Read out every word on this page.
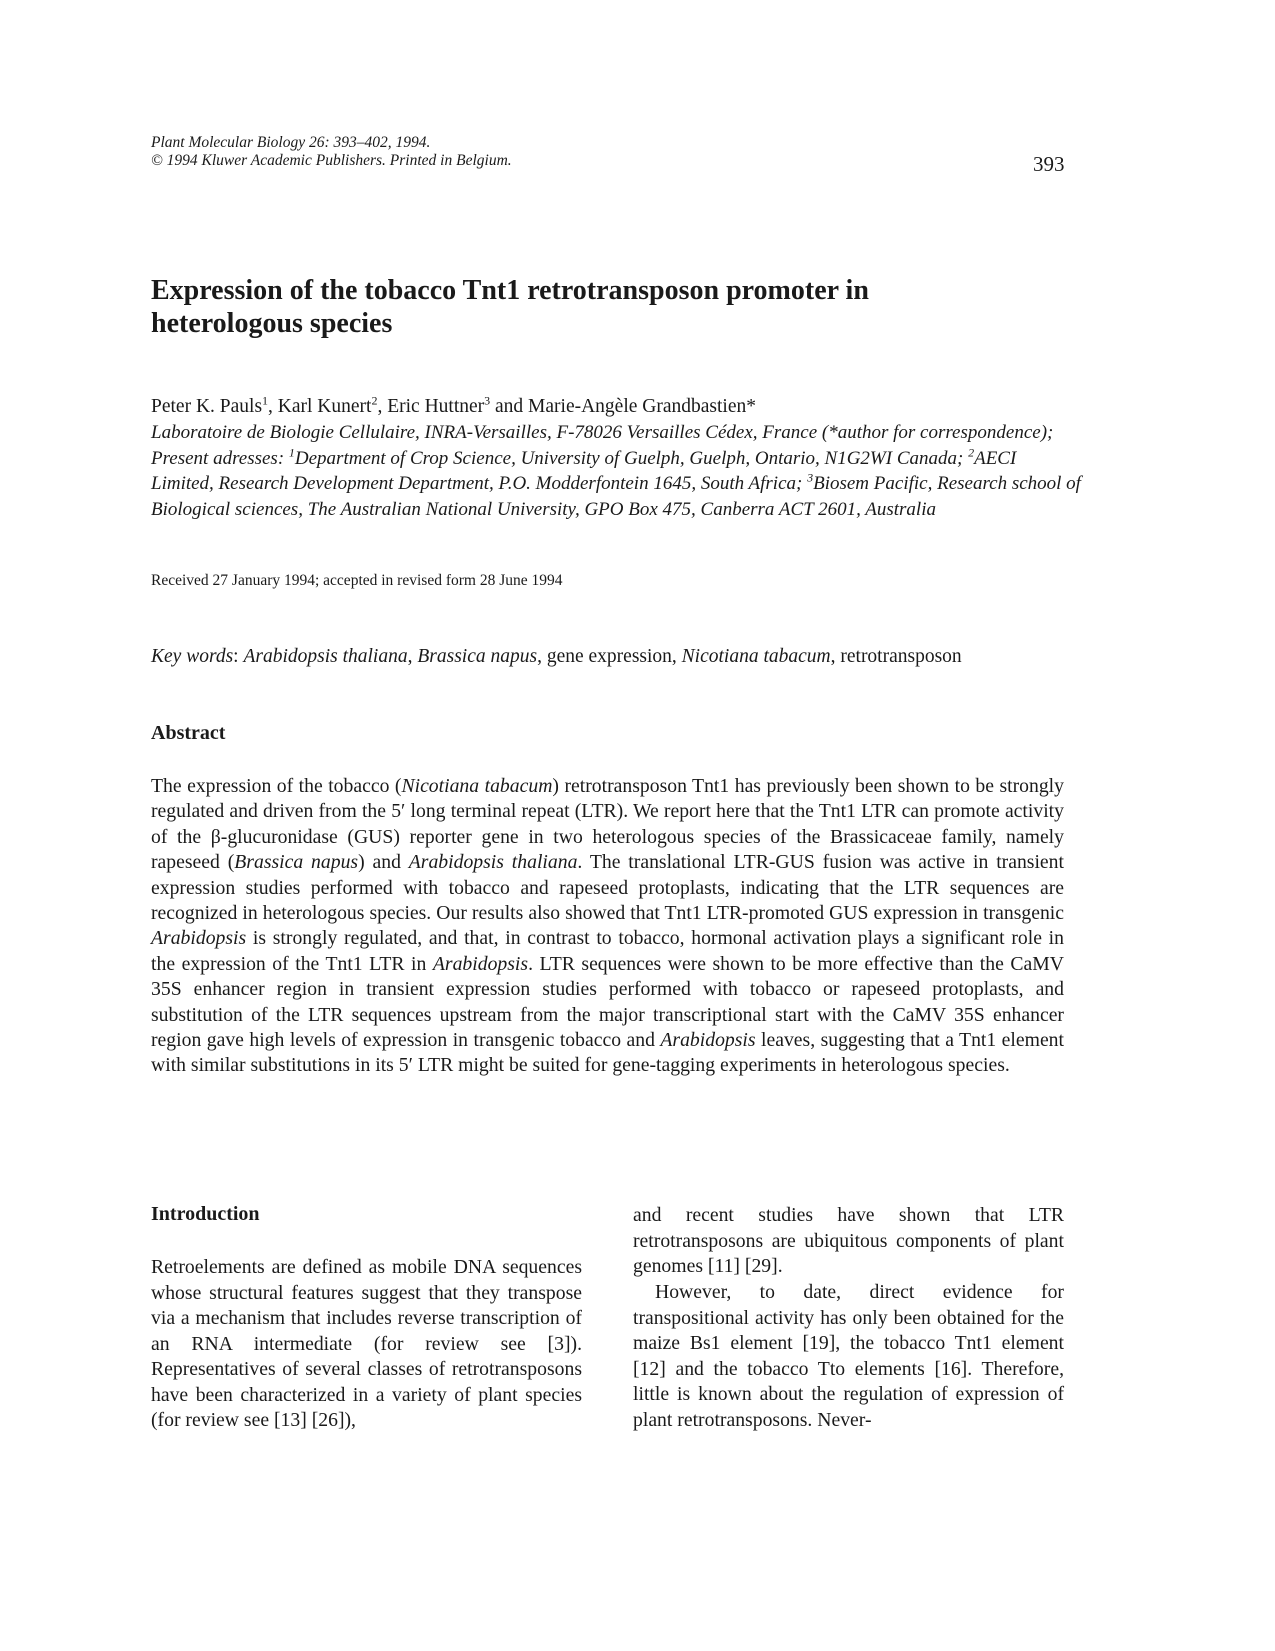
Plant Molecular Biology 26: 393–402, 1994.
© 1994 Kluwer Academic Publishers. Printed in Belgium.	393
Expression of the tobacco Tnt1 retrotransposon promoter in heterologous species
Peter K. Pauls$^1$, Karl Kunert$^2$, Eric Huttner$^3$ and Marie-Angèle Grandbastien*
Laboratoire de Biologie Cellulaire, INRA-Versailles, F-78026 Versailles Cédex, France (*author for correspondence); Present adresses: $^1$Department of Crop Science, University of Guelph, Guelph, Ontario, N1G2WI Canada; $^2$AECI Limited, Research Development Department, P.O. Modderfontein 1645, South Africa; $^3$Biosem Pacific, Research school of Biological sciences, The Australian National University, GPO Box 475, Canberra ACT 2601, Australia
Received 27 January 1994; accepted in revised form 28 June 1994
Key words: Arabidopsis thaliana, Brassica napus, gene expression, Nicotiana tabacum, retrotransposon
Abstract

The expression of the tobacco (Nicotiana tabacum) retrotransposon Tnt1 has previously been shown to be strongly regulated and driven from the 5′ long terminal repeat (LTR). We report here that the Tnt1 LTR can promote activity of the β-glucuronidase (GUS) reporter gene in two heterologous species of the Brassicaceae family, namely rapeseed (Brassica napus) and Arabidopsis thaliana. The translational LTR-GUS fusion was active in transient expression studies performed with tobacco and rapeseed protoplasts, indicating that the LTR sequences are recognized in heterologous species. Our results also showed that Tnt1 LTR-promoted GUS expression in transgenic Arabidopsis is strongly regulated, and that, in contrast to tobacco, hormonal activation plays a significant role in the expression of the Tnt1 LTR in Arabidopsis. LTR sequences were shown to be more effective than the CaMV 35S enhancer region in transient expression studies performed with tobacco or rapeseed protoplasts, and substitution of the LTR sequences upstream from the major transcriptional start with the CaMV 35S enhancer region gave high levels of expression in transgenic tobacco and Arabidopsis leaves, suggesting that a Tnt1 element with similar substitutions in its 5′ LTR might be suited for gene-tagging experiments in heterologous species.

Introduction

Retroelements are defined as mobile DNA sequences whose structural features suggest that they transpose via a mechanism that includes reverse transcription of an RNA intermediate (for review see [3]). Representatives of several classes of retrotransposons have been characterized in a variety of plant species (for review see [13] [26]),

and recent studies have shown that LTR retrotransposons are ubiquitous components of plant genomes [11] [29].

However, to date, direct evidence for transpositional activity has only been obtained for the maize Bs1 element [19], the tobacco Tnt1 element [12] and the tobacco Tto elements [16]. Therefore, little is known about the regulation of expression of plant retrotransposons. Never-
